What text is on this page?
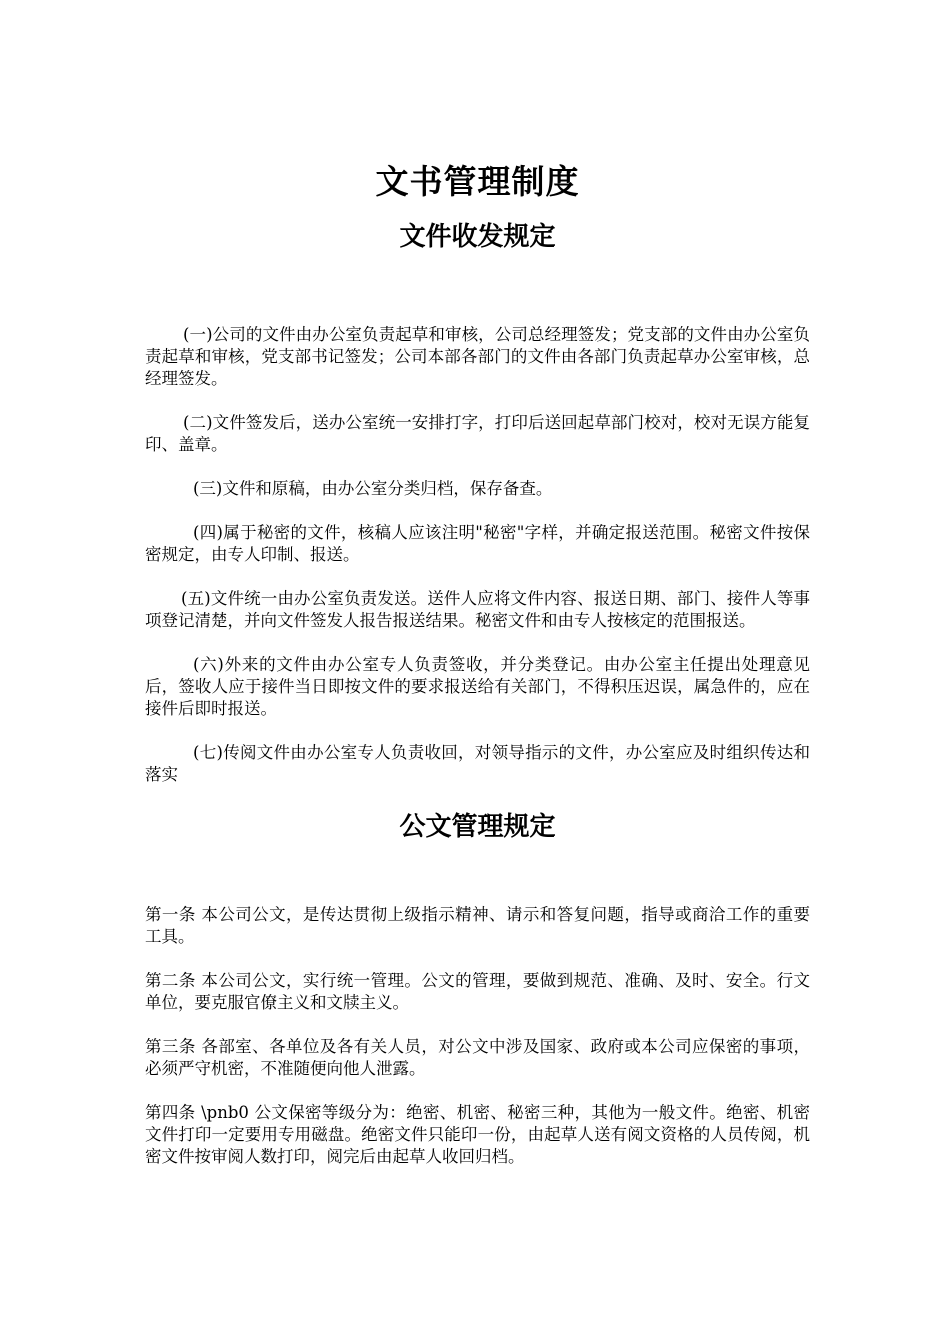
文书管理制度
文件收发规定

(一)公司的文件由办公室负责起草和审核，公司总经理签发；党支部的文件由办公室负责起草和审核，党支部书记签发；公司本部各部门的文件由各部门负责起草办公室审核，总经理签发。

(二)文件签发后，送办公室统一安排打字，打印后送回起草部门校对，校对无误方能复印、盖章。

(三)文件和原稿，由办公室分类归档，保存备查。

(四)属于秘密的文件，核稿人应该注明"秘密"字样，并确定报送范围。秘密文件按保密规定，由专人印制、报送。

(五)文件统一由办公室负责发送。送件人应将文件内容、报送日期、部门、接件人等事项登记清楚，并向文件签发人报告报送结果。秘密文件和由专人按核定的范围报送。

(六)外来的文件由办公室专人负责签收，并分类登记。由办公室主任提出处理意见后，签收人应于接件当日即按文件的要求报送给有关部门，不得积压迟误，属急件的，应在接件后即时报送。

(七)传阅文件由办公室专人负责收回，对领导指示的文件，办公室应及时组织传达和落实

公文管理规定

第一条 本公司公文，是传达贯彻上级指示精神、请示和答复问题，指导或商洽工作的重要工具。

第二条 本公司公文，实行统一管理。公文的管理，要做到规范、准确、及时、安全。行文单位，要克服官僚主义和文牍主义。

第三条 各部室、各单位及各有关人员，对公文中涉及国家、政府或本公司应保密的事项，必须严守机密，不准随便向他人泄露。

第四条 \pnb0 公文保密等级分为：绝密、机密、秘密三种，其他为一般文件。绝密、机密文件打印一定要用专用磁盘。绝密文件只能印一份，由起草人送有阅文资格的人员传阅，机密文件按审阅人数打印，阅完后由起草人收回归档。
